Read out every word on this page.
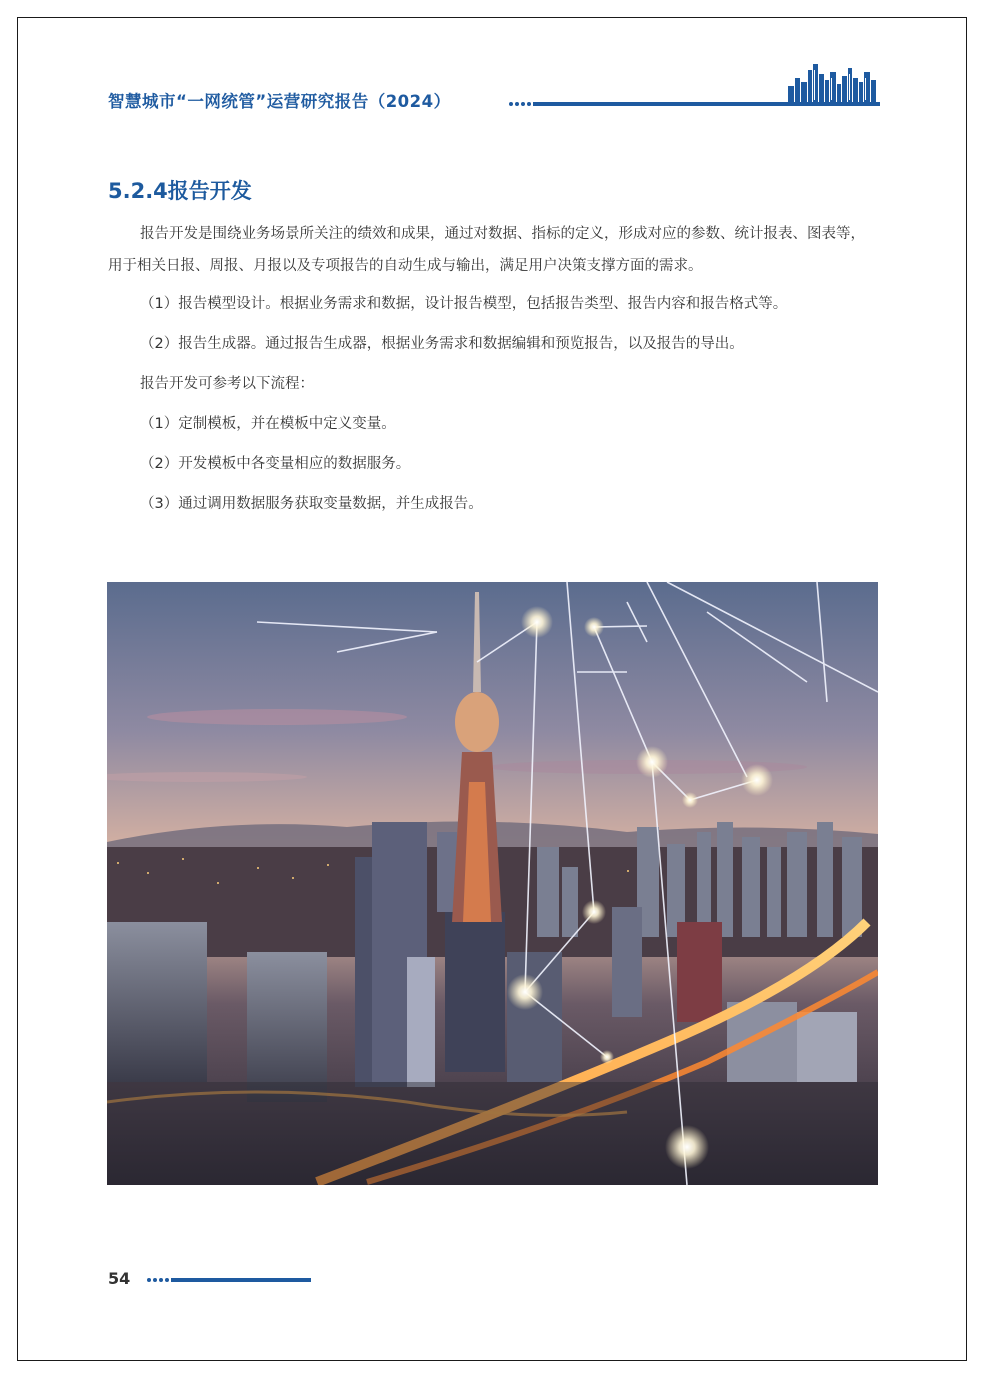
智慧城市“一网统管”运营研究报告（2024）
5.2.4报告开发

报告开发是围绕业务场景所关注的绩效和成果，通过对数据、指标的定义，形成对应的参数、统计报表、图表等，用于相关日报、周报、月报以及专项报告的自动生成与输出，满足用户决策支撑方面的需求。

（1）报告模型设计。根据业务需求和数据，设计报告模型，包括报告类型、报告内容和报告格式等。

（2）报告生成器。通过报告生成器，根据业务需求和数据编辑和预览报告，以及报告的导出。

报告开发可参考以下流程：

（1）定制模板，并在模板中定义变量。

（2）开发模板中各变量相应的数据服务。

（3）通过调用数据服务获取变量数据，并生成报告。

54
